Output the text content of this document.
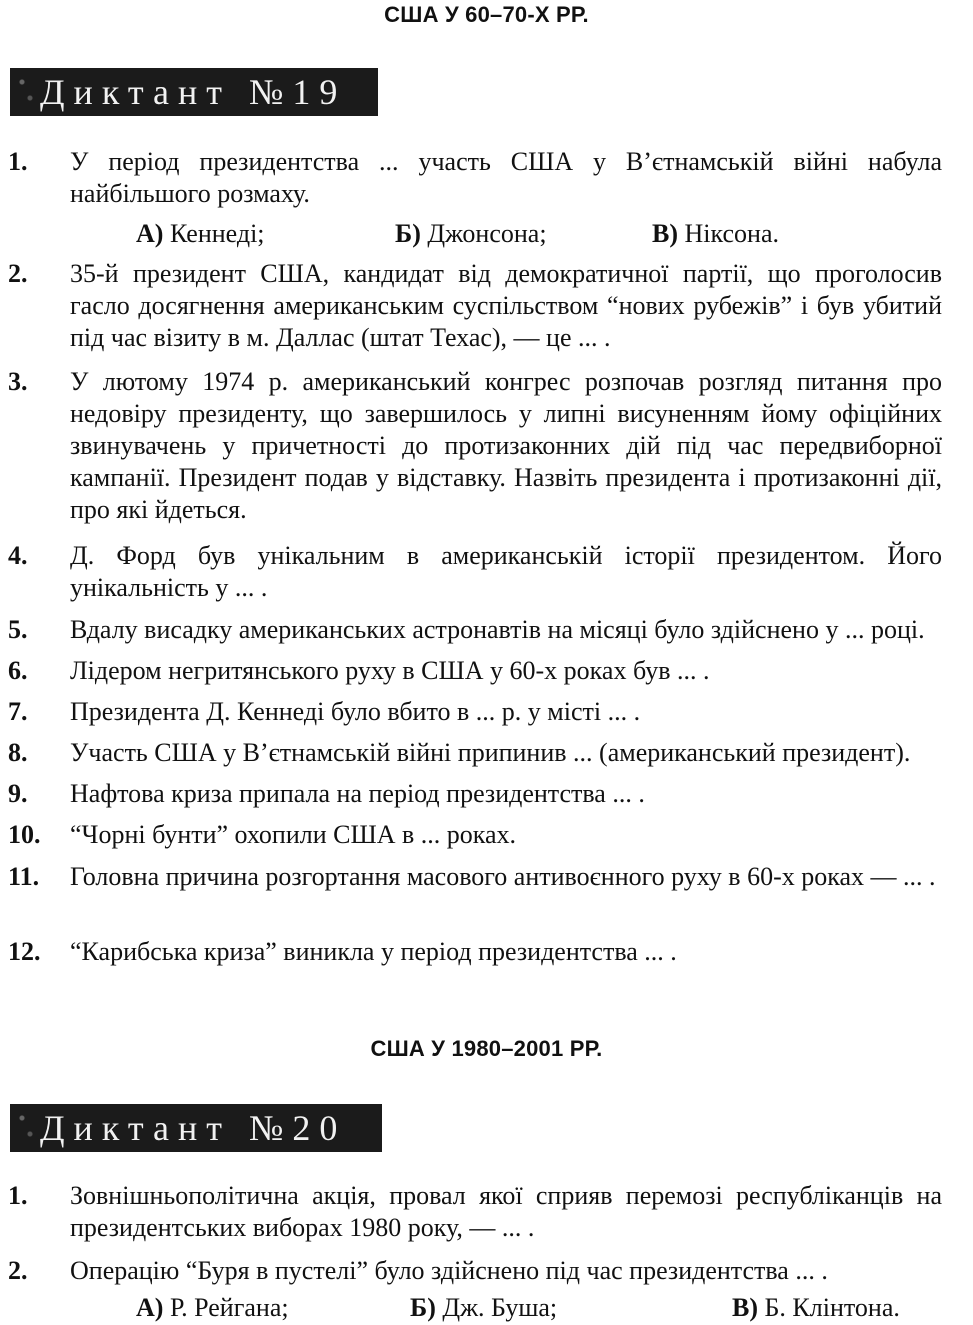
США У 60–70-Х РР.
Диктант №19
1. У період президентства ... участь США у В’єтнамській війні набула найбільшого розмаху.
А) Кеннеді;	Б) Джонсона;	В) Ніксона.
2. 35-й президент США, кандидат від демократичної партії, що проголосив гасло досягнення американським суспільством “нових рубежів” і був убитий під час візиту в м. Даллас (штат Техас), — це ... .
3. У лютому 1974 р. американський конгрес розпочав розгляд питання про недовіру президенту, що завершилось у липні висуненням йому офіційних звинувачень у причетності до протизаконних дій під час передвиборної кампанії. Президент подав у відставку. Назвіть президента і протизаконні дії, про які йдеться.
4. Д. Форд був унікальним в американській історії президентом. Його унікальність у ... .
5. Вдалу висадку американських астронавтів на місяці було здійснено у ... році.
6. Лідером негритянського руху в США у 60-х роках був ... .
7. Президента Д. Кеннеді було вбито в ... р. у місті ... .
8. Участь США у В’єтнамській війні припинив ... (американський президент).
9. Нафтова криза припала на період президентства ... .
10. “Чорні бунти” охопили США в ... роках.
11. Головна причина розгортання масового антивоєнного руху в 60-х роках — ... .
12. “Карибська криза” виникла у період президентства ... .
США У 1980–2001 РР.
Диктант №20
1. Зовнішньополітична акція, провал якої сприяв перемозі республіканців на президентських виборах 1980 року, — ... .
2. Операцію “Буря в пустелі” було здійснено під час президентства ... .
А) Р. Рейгана;	Б) Дж. Буша;	В) Б. Клінтона.
